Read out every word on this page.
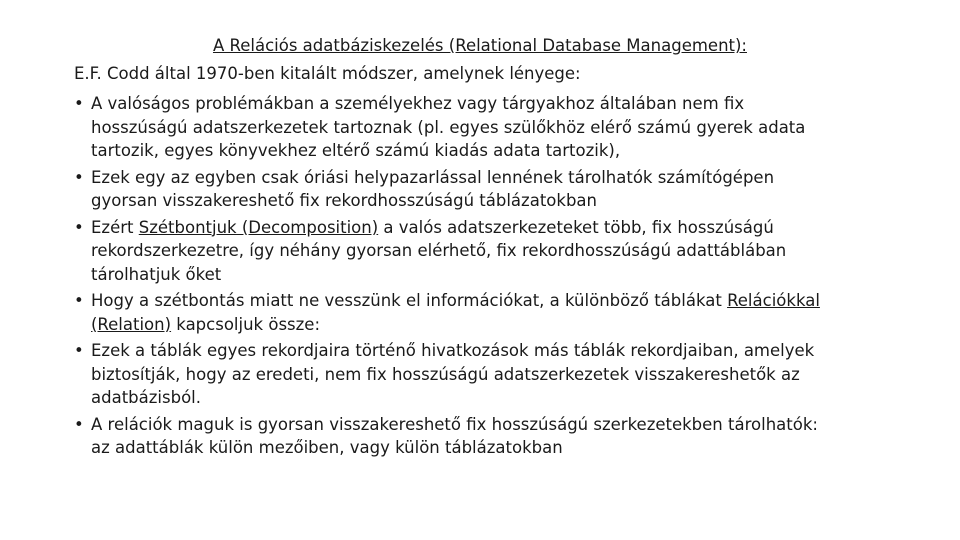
A Relációs adatbáziskezelés (Relational Database Management):
E.F. Codd által 1970-ben kitalált módszer, amelynek lényege:
• A valóságos problémákban a személyekhez vagy tárgyakhoz általában nem fix
hosszúságú adatszerkezetek tartoznak (pl. egyes szülőkhöz elérő számú gyerek adata
tartozik, egyes könyvekhez eltérő számú kiadás adata tartozik),
• Ezek egy az egyben csak óriási helypazarlással lennének tárolhatók számítógépen
gyorsan visszakereshető fix rekordhosszúságú táblázatokban
• Ezért Szétbontjuk (Decomposition) a valós adatszerkezeteket több, fix hosszúságú
rekordszerkezetre, így néhány gyorsan elérhető, fix rekordhosszúságú adattáblában
tárolhatjuk őket
• Hogy a szétbontás miatt ne vesszünk el információkat, a különböző táblákat Relációkkal
(Relation) kapcsoljuk össze:
• Ezek a táblák egyes rekordjaira történő hivatkozások más táblák rekordjaiban, amelyek
biztosítják, hogy az eredeti, nem fix hosszúságú adatszerkezetek visszakereshetők az
adatbázisból.
• A relációk maguk is gyorsan visszakereshető fix hosszúságú szerkezetekben tárolhatók:
az adattáblák külön mezőiben, vagy külön táblázatokban
